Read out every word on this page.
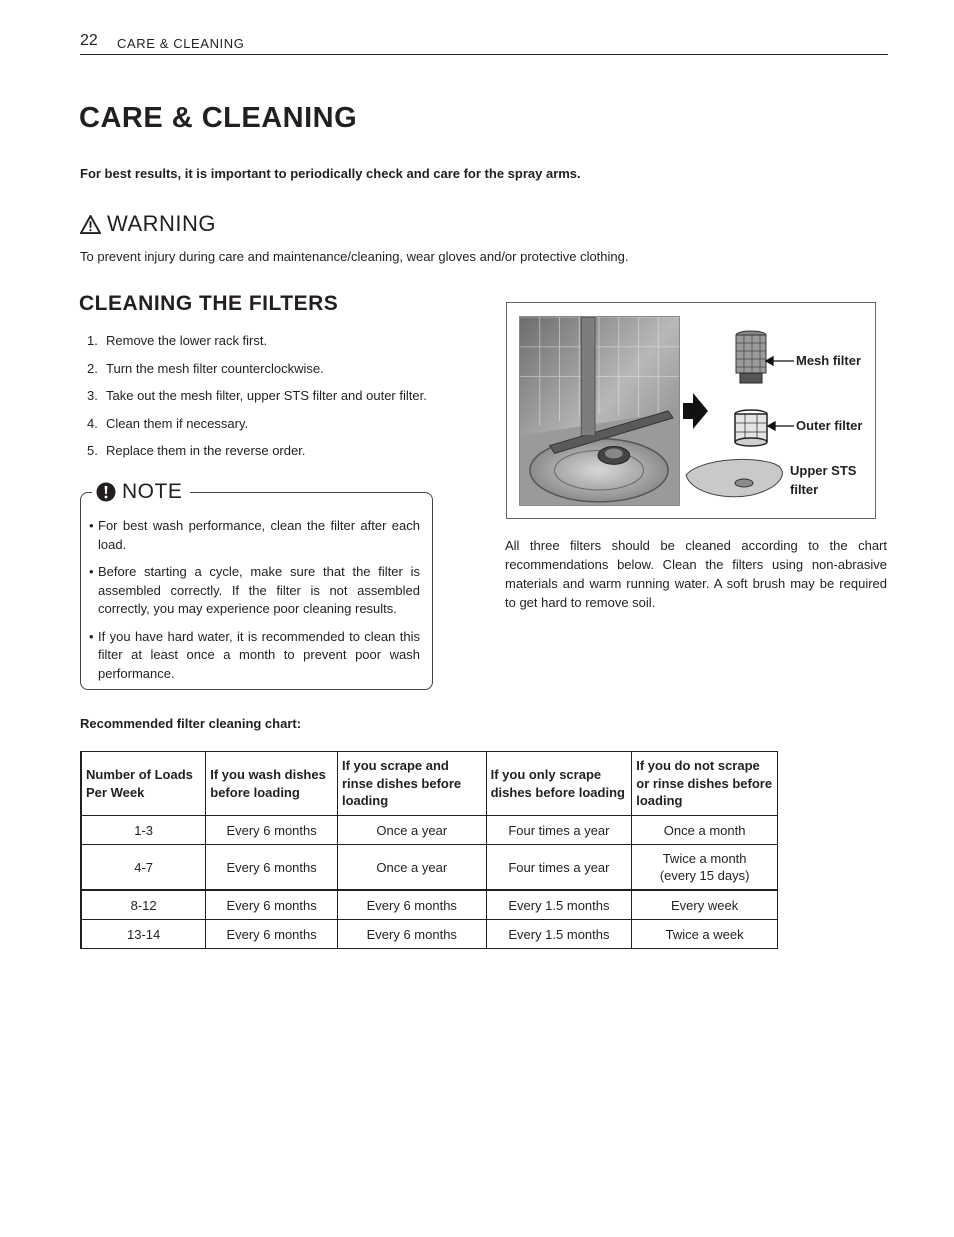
22 CARE & CLEANING
CARE & CLEANING

For best results, it is important to periodically check and care for the spray arms.

WARNING

To prevent injury during care and maintenance/cleaning, wear gloves and/or protective clothing.

CLEANING THE FILTERS
1. Remove the lower rack first.
2. Turn the mesh filter counterclockwise.
3. Take out the mesh filter, upper STS filter and outer filter.
4. Clean them if necessary.
5. Replace them in the reverse order.
NOTE
• For best wash performance, clean the filter after each load.
• Before starting a cycle, make sure that the filter is assembled correctly. If the filter is not assembled correctly, you may experience poor cleaning results.
• If you have hard water, it is recommended to clean this filter at least once a month to prevent poor wash performance.
Mesh filter
Outer filter
Upper STS
filter

All three filters should be cleaned according to the chart recommendations below. Clean the filters using non-abrasive materials and warm running water. A soft brush may be required to get hard to remove soil.

Recommended filter cleaning chart:

Number of Loads Per Week	If you wash dishes before loading	If you scrape and rinse dishes before loading	If you only scrape dishes before loading	If you do not scrape or rinse dishes before loading
1-3	Every 6 months	Once a year	Four times a year	Once a month
4-7	Every 6 months	Once a year	Four times a year	Twice a month (every 15 days)
8-12	Every 6 months	Every 6 months	Every 1.5 months	Every week
13-14	Every 6 months	Every 6 months	Every 1.5 months	Twice a week
